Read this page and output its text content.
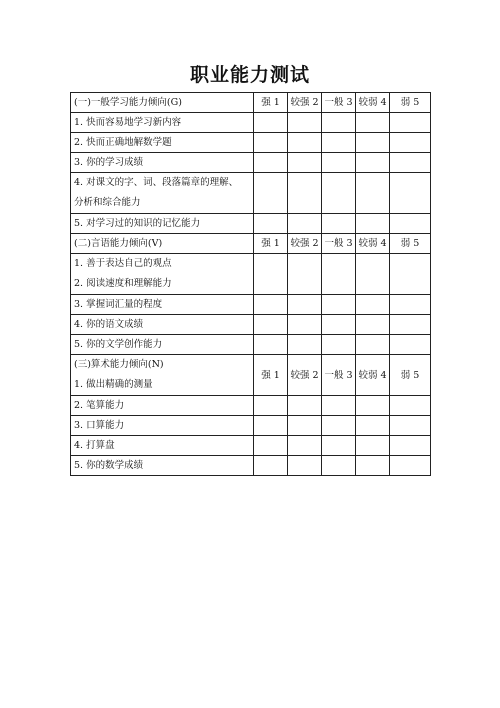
职业能力测试
(一)一般学习能力倾向(G)	强 1	较强 2	一般 3	较弱 4	弱 5
1. 快而容易地学习新内容					
2. 快而正确地解数学题					
3. 你的学习成绩					

4. 对课文的字、词、段落篇章的理解、
分析和综合能力					

5. 对学习过的知识的记忆能力					
(二)言语能力倾向(V)	强 1	较强 2	一般 3	较弱 4	弱 5

1. 善于表达自己的观点
2. 阅读速度和理解能力					

3. 掌握词汇量的程度					
4. 你的语文成绩					
5. 你的文学创作能力					

(三)算术能力倾向(N)
1. 做出精确的测量	强 1	较强 2	一般 3	较弱 4	弱 5
2. 笔算能力					
3. 口算能力					
4. 打算盘					
5. 你的数学成绩					
